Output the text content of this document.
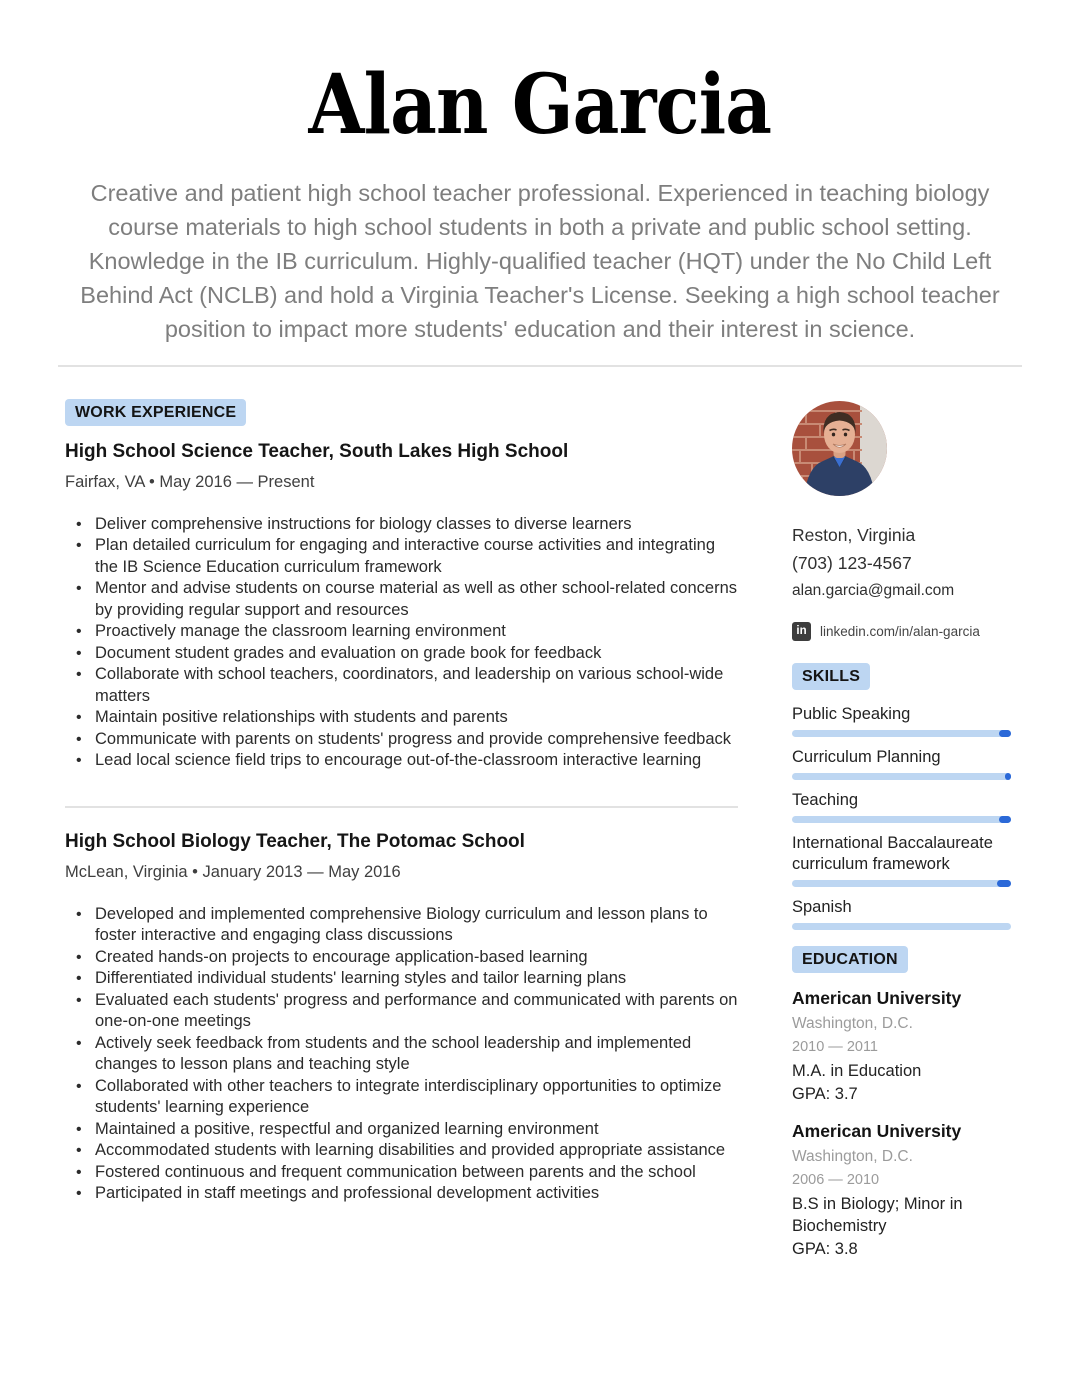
Alan Garcia
Creative and patient high school teacher professional. Experienced in teaching biology course materials to high school students in both a private and public school setting. Knowledge in the IB curriculum. Highly-qualified teacher (HQT) under the No Child Left Behind Act (NCLB) and hold a Virginia Teacher's License. Seeking a high school teacher position to impact more students' education and their interest in science.
WORK EXPERIENCE
High School Science Teacher, South Lakes High School
Fairfax, VA • May 2016 — Present
• Deliver comprehensive instructions for biology classes to diverse learners
• Plan detailed curriculum for engaging and interactive course activities and integrating the IB Science Education curriculum framework
• Mentor and advise students on course material as well as other school-related concerns by providing regular support and resources
• Proactively manage the classroom learning environment
• Document student grades and evaluation on grade book for feedback
• Collaborate with school teachers, coordinators, and leadership on various school-wide matters
• Maintain positive relationships with students and parents
• Communicate with parents on students' progress and provide comprehensive feedback
• Lead local science field trips to encourage out-of-the-classroom interactive learning
High School Biology Teacher, The Potomac School
McLean, Virginia • January 2013 — May 2016
• Developed and implemented comprehensive Biology curriculum and lesson plans to foster interactive and engaging class discussions
• Created hands-on projects to encourage application-based learning
• Differentiated individual students' learning styles and tailor learning plans
• Evaluated each students' progress and performance and communicated with parents on one-on-one meetings
• Actively seek feedback from students and the school leadership and implemented changes to lesson plans and teaching style
• Collaborated with other teachers to integrate interdisciplinary opportunities to optimize students' learning experience
• Maintained a positive, respectful and organized learning environment
• Accommodated students with learning disabilities and provided appropriate assistance
• Fostered continuous and frequent communication between parents and the school
• Participated in staff meetings and professional development activities
Reston, Virginia
(703) 123-4567
alan.garcia@gmail.com
in linkedin.com/in/alan-garcia
SKILLS
Public Speaking
Curriculum Planning
Teaching
International Baccalaureate curriculum framework
Spanish
EDUCATION
American University
Washington, D.C.
2010 — 2011
M.A. in Education
GPA: 3.7
American University
Washington, D.C.
2006 — 2010
B.S in Biology; Minor in Biochemistry
GPA: 3.8
